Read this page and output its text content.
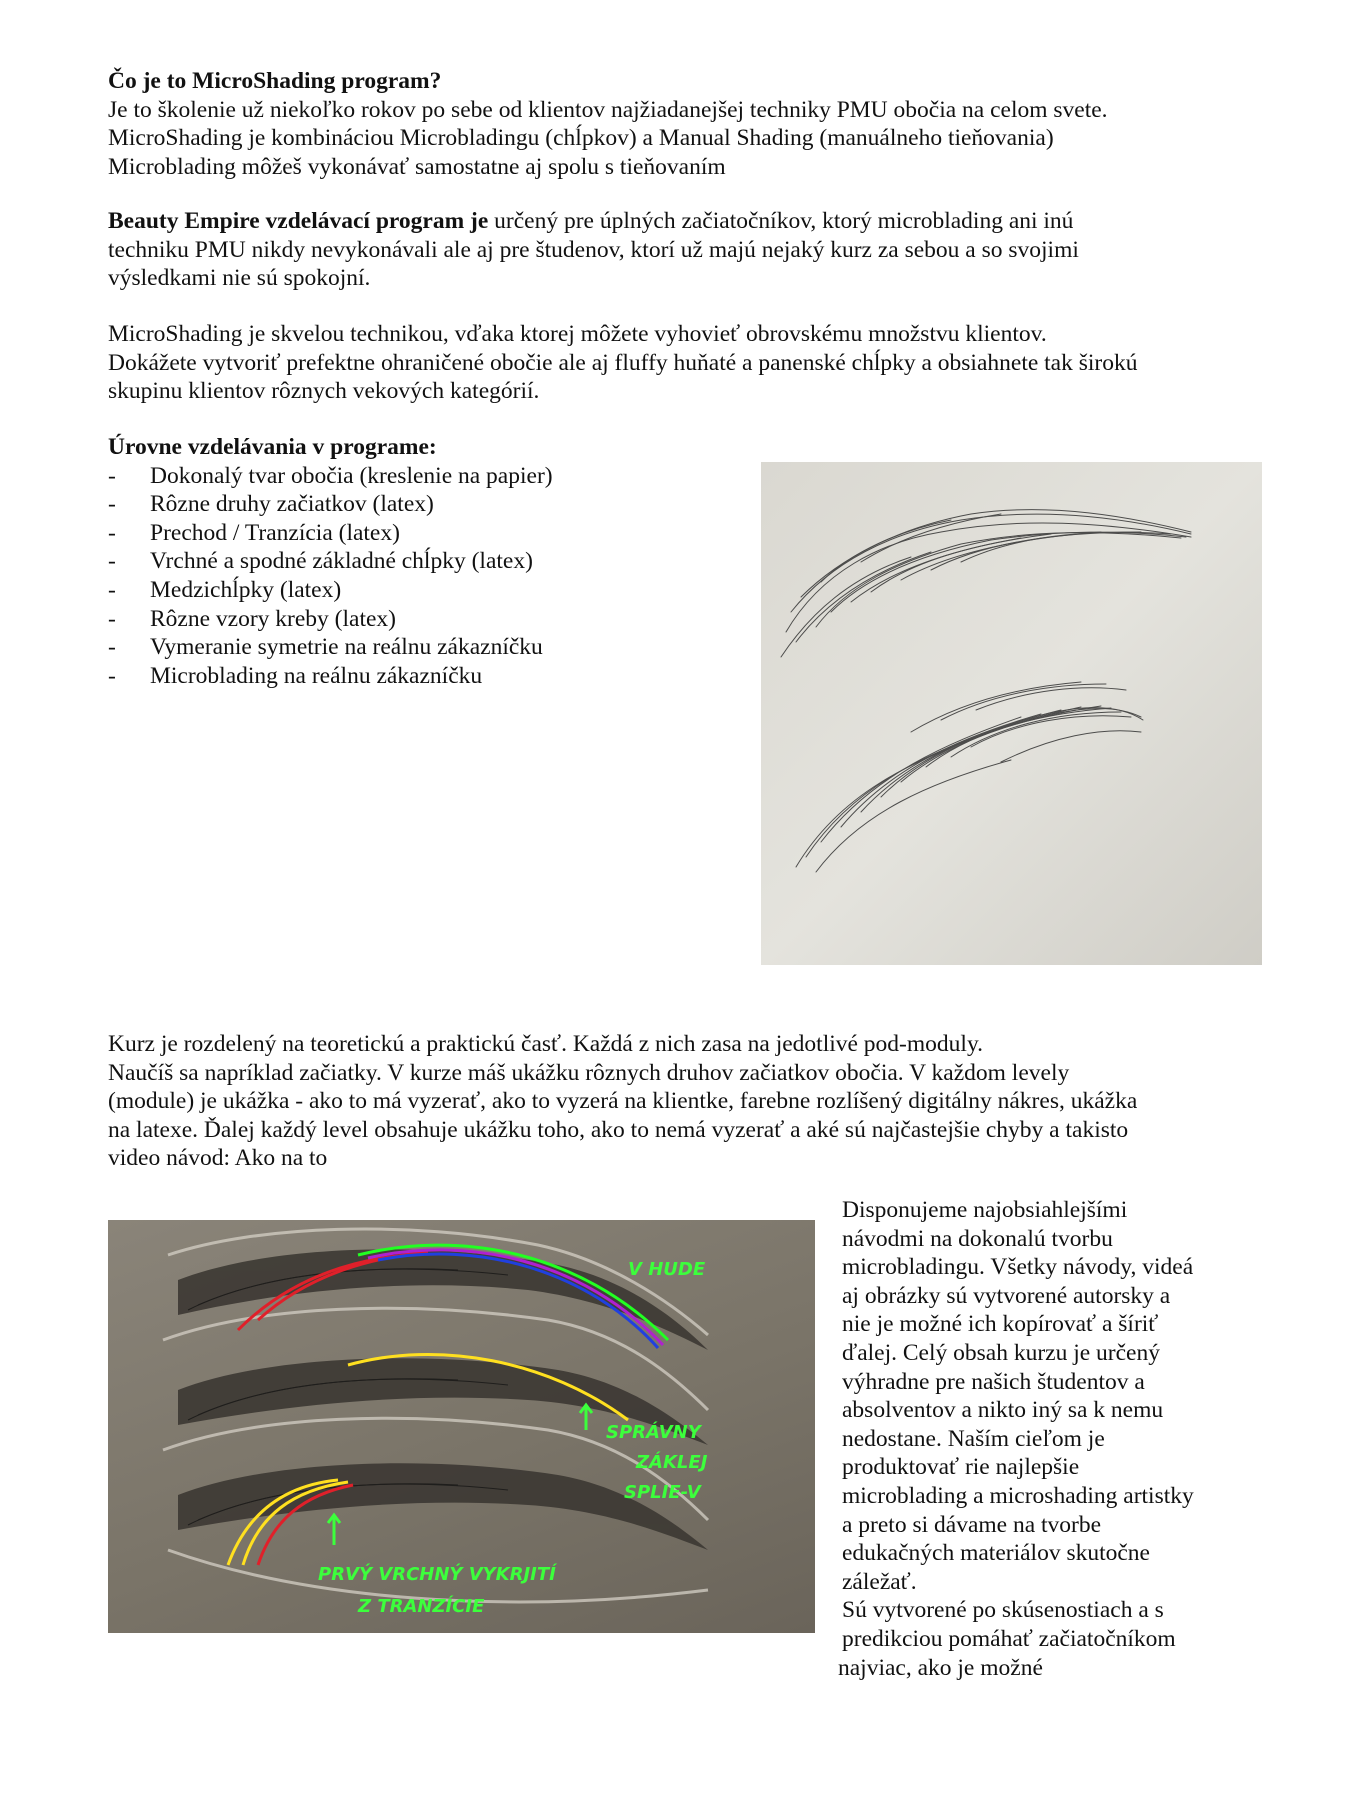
Čo je to MicroShading program?

Je to školenie už niekoľko rokov po sebe od klientov najžiadanejšej techniky PMU obočia na celom svete.

MicroShading je kombináciou Microbladingu (chĺpkov) a Manual Shading (manuálneho tieňovania)

Microblading môžeš vykonávať samostatne aj spolu s tieňovaním

Beauty Empire vzdelávací program je určený pre úplných začiatočníkov, ktorý microblading ani inú

techniku PMU nikdy nevykonávali ale aj pre študenov, ktorí už majú nejaký kurz za sebou a so svojimi

výsledkami nie sú spokojní.

MicroShading je skvelou technikou, vďaka ktorej môžete vyhovieť obrovskému množstvu klientov.

Dokážete vytvoriť prefektne ohraničené obočie ale aj fluffy huňaté a panenské chĺpky a obsiahnete tak širokú

skupinu klientov rôznych vekových kategórií.

Úrovne vzdelávania v programe:

- Dokonalý tvar obočia (kreslenie na papier)
- Rôzne druhy začiatkov (latex)
- Prechod / Tranzícia (latex)
- Vrchné a spodné základné chĺpky (latex)
- Medzichĺpky (latex)
- Rôzne vzory kreby (latex)
- Vymeranie symetrie na reálnu zákazníčku
- Microblading na reálnu zákazníčku

Kurz je rozdelený na teoretickú a praktickú časť. Každá z nich zasa na jedotlivé pod-moduly.

Naučíš sa napríklad začiatky. V kurze máš ukážku rôznych druhov začiatkov obočia. V každom levely

(module) je ukážka - ako to má vyzerať, ako to vyzerá na klientke, farebne rozlíšený digitálny nákres, ukážka

na latexe. Ďalej každý level obsahuje ukážku toho, ako to nemá vyzerať a aké sú najčastejšie chyby a takisto

video návod: Ako na to

V HUDE
SPRÁVNY
ZÁKLEJ
SPLIE-V
PRVÝ VRCHNÝ VYKRJITÍ
Z TRANZÍCIE

Disponujeme najobsiahlejšími

návodmi na dokonalú tvorbu

microbladingu. Všetky návody, videá

aj obrázky sú vytvorené autorsky a

nie je možné ich kopírovať a šíriť

ďalej. Celý obsah kurzu je určený

výhradne pre našich študentov a

absolventov a nikto iný sa k nemu

nedostane. Naším cieľom je

produktovať rie najlepšie

microblading a microshading artistky

a preto si dávame na tvorbe

edukačných materiálov skutočne

záležať.

Sú vytvorené po skúsenostiach a s

predikciou pomáhať začiatočníkom

najviac, ako je možné
